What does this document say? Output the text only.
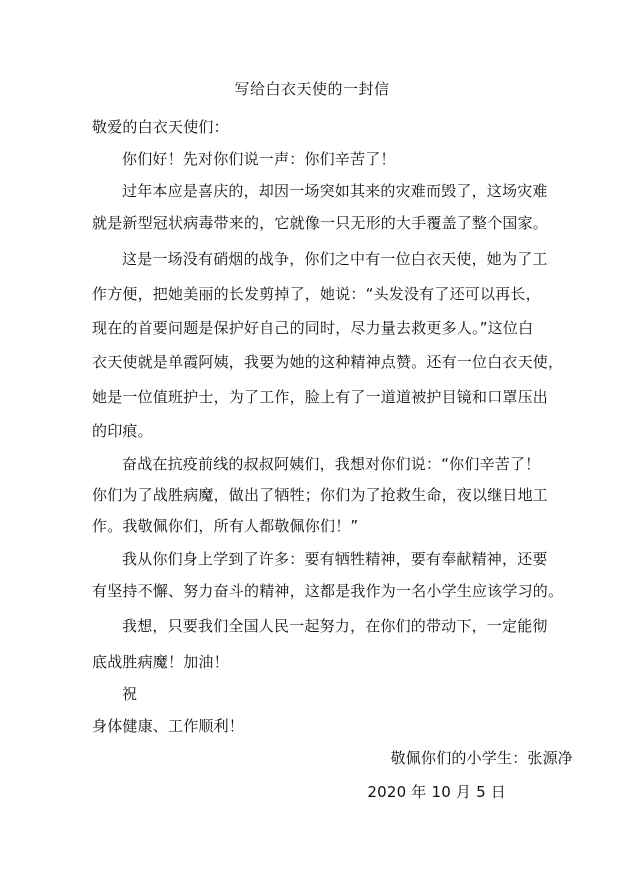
写给白衣天使的一封信
敬爱的白衣天使们：
你们好！先对你们说一声：你们辛苦了！
过年本应是喜庆的，却因一场突如其来的灾难而毁了，这场灾难
就是新型冠状病毒带来的，它就像一只无形的大手覆盖了整个国家。
这是一场没有硝烟的战争，你们之中有一位白衣天使，她为了工
作方便，把她美丽的长发剪掉了，她说：“头发没有了还可以再长，
现在的首要问题是保护好自己的同时，尽力量去救更多人。”这位白
衣天使就是单霞阿姨，我要为她的这种精神点赞。还有一位白衣天使，
她是一位值班护士，为了工作，脸上有了一道道被护目镜和口罩压出
的印痕。
奋战在抗疫前线的叔叔阿姨们，我想对你们说：“你们辛苦了！
你们为了战胜病魔，做出了牺牲；你们为了抢救生命，夜以继日地工
作。我敬佩你们，所有人都敬佩你们！”
我从你们身上学到了许多：要有牺牲精神，要有奉献精神，还要
有坚持不懈、努力奋斗的精神，这都是我作为一名小学生应该学习的。
我想，只要我们全国人民一起努力，在你们的带动下，一定能彻
底战胜病魔！加油！
祝
身体健康、工作顺利！
敬佩你们的小学生：张源净
2020 年 10 月 5 日
